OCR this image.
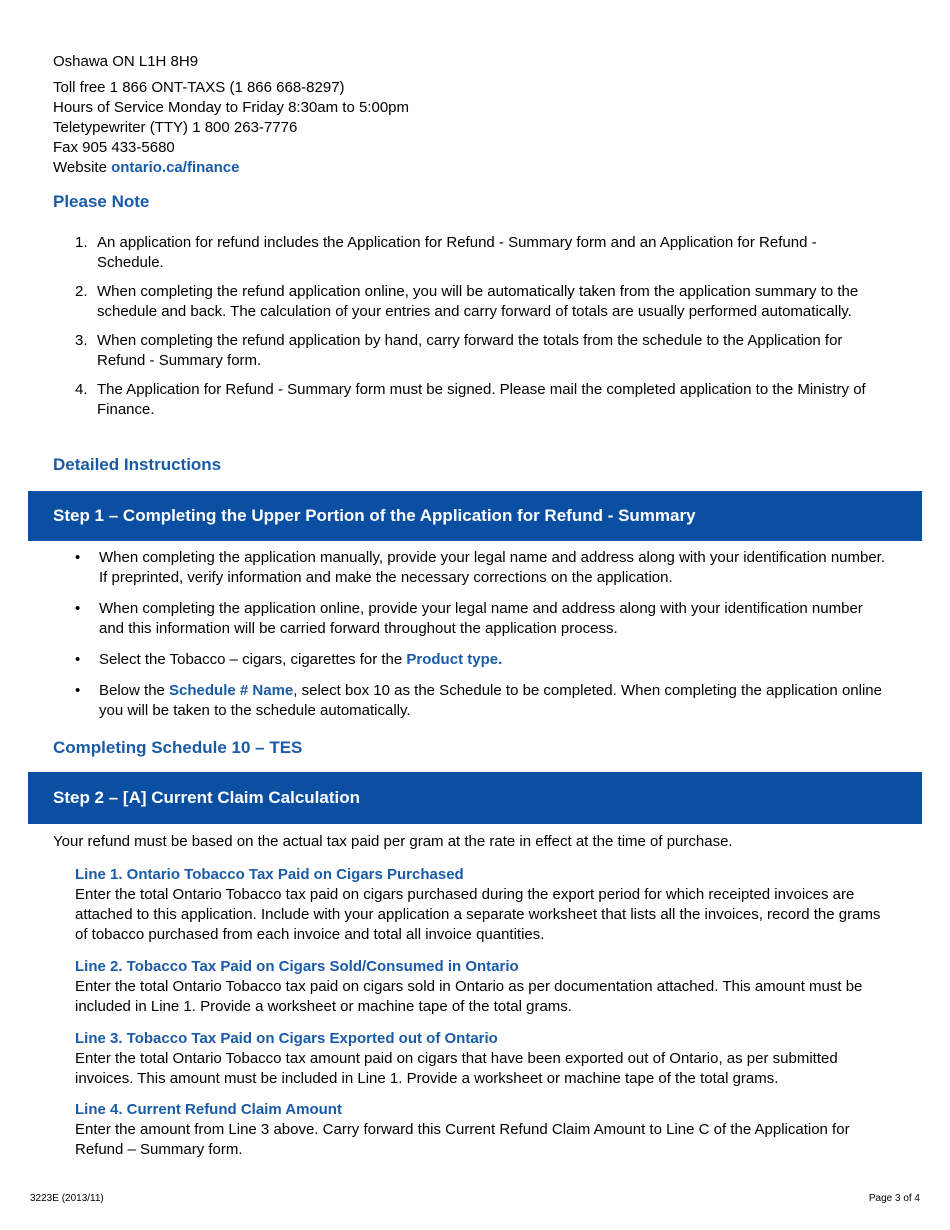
Oshawa ON L1H 8H9
Toll free 1 866 ONT-TAXS (1 866 668-8297)
Hours of Service Monday to Friday 8:30am to 5:00pm
Teletypewriter (TTY) 1 800 263-7776
Fax 905 433-5680
Website ontario.ca/finance
Please Note
1. An application for refund includes the Application for Refund - Summary form and an Application for Refund - Schedule.
2. When completing the refund application online, you will be automatically taken from the application summary to the schedule and back. The calculation of your entries and carry forward of totals are usually performed automatically.
3. When completing the refund application by hand, carry forward the totals from the schedule to the Application for Refund - Summary form.
4. The Application for Refund - Summary form must be signed. Please mail the completed application to the Ministry of Finance.
Detailed Instructions
Step 1 – Completing the Upper Portion of the Application for Refund - Summary
• When completing the application manually, provide your legal name and address along with your identification number. If preprinted, verify information and make the necessary corrections on the application.
• When completing the application online, provide your legal name and address along with your identification number and this information will be carried forward throughout the application process.
• Select the Tobacco – cigars, cigarettes for the Product type.
• Below the Schedule # Name, select box 10 as the Schedule to be completed. When completing the application online you will be taken to the schedule automatically.
Completing Schedule 10 – TES
Step 2 – [A] Current Claim Calculation
Your refund must be based on the actual tax paid per gram at the rate in effect at the time of purchase.
Line 1. Ontario Tobacco Tax Paid on Cigars Purchased
Enter the total Ontario Tobacco tax paid on cigars purchased during the export period for which receipted invoices are attached to this application. Include with your application a separate worksheet that lists all the invoices, record the grams of tobacco purchased from each invoice and total all invoice quantities.
Line 2. Tobacco Tax Paid on Cigars Sold/Consumed in Ontario
Enter the total Ontario Tobacco tax paid on cigars sold in Ontario as per documentation attached. This amount must be included in Line 1. Provide a worksheet or machine tape of the total grams.
Line 3. Tobacco Tax Paid on Cigars Exported out of Ontario
Enter the total Ontario Tobacco tax amount paid on cigars that have been exported out of Ontario, as per submitted invoices. This amount must be included in Line 1. Provide a worksheet or machine tape of the total grams.
Line 4. Current Refund Claim Amount
Enter the amount from Line 3 above. Carry forward this Current Refund Claim Amount to Line C of the Application for Refund – Summary form.
3223E (2013/11)	Page 3 of 4
